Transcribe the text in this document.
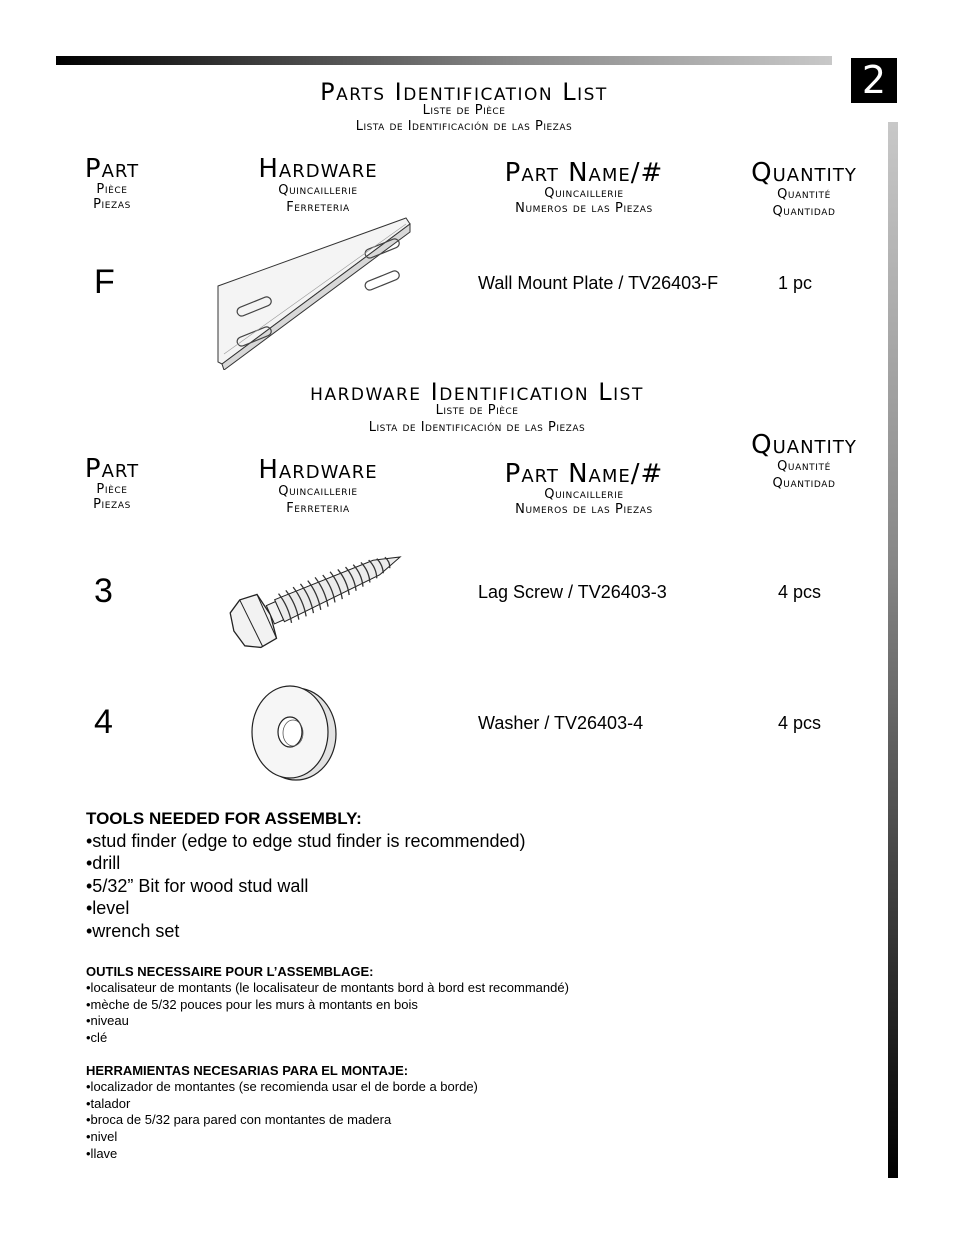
2
Parts Identification List
Liste de Pièce
Lista de Identificación de las Piezas
Part
Pièce
Piezas
Hardware
Quincaillerie
Ferreteria
Part Name/#
Quincaillerie
Numeros de las Piezas
Quantity
Quantité
Quantidad
F	Wall Mount Plate / TV26403-F	1 pc
hardware Identification List
Liste de Pièce
Lista de Identificación de las Piezas
Part
Pièce
Piezas
Hardware
Quincaillerie
Ferreteria
Part Name/#
Quincaillerie
Numeros de las Piezas
Quantity
Quantité
Quantidad
3	Lag Screw / TV26403-3	4 pcs
4	Washer / TV26403-4	4 pcs
TOOLS NEEDED FOR ASSEMBLY:
•stud finder (edge to edge stud finder is recommended)
•drill
•5/32” Bit for wood stud wall
•level
•wrench set
OUTILS NECESSAIRE POUR L’ASSEMBLAGE:
•localisateur de montants (le localisateur de montants bord à bord est recommandé)
•mèche de 5/32 pouces pour les murs à montants en bois
•niveau
•clé
HERRAMIENTAS NECESARIAS PARA EL MONTAJE:
•localizador de montantes (se recomienda usar el de borde a borde)
•talador
•broca de 5/32 para pared con montantes de madera
•nivel
•llave
